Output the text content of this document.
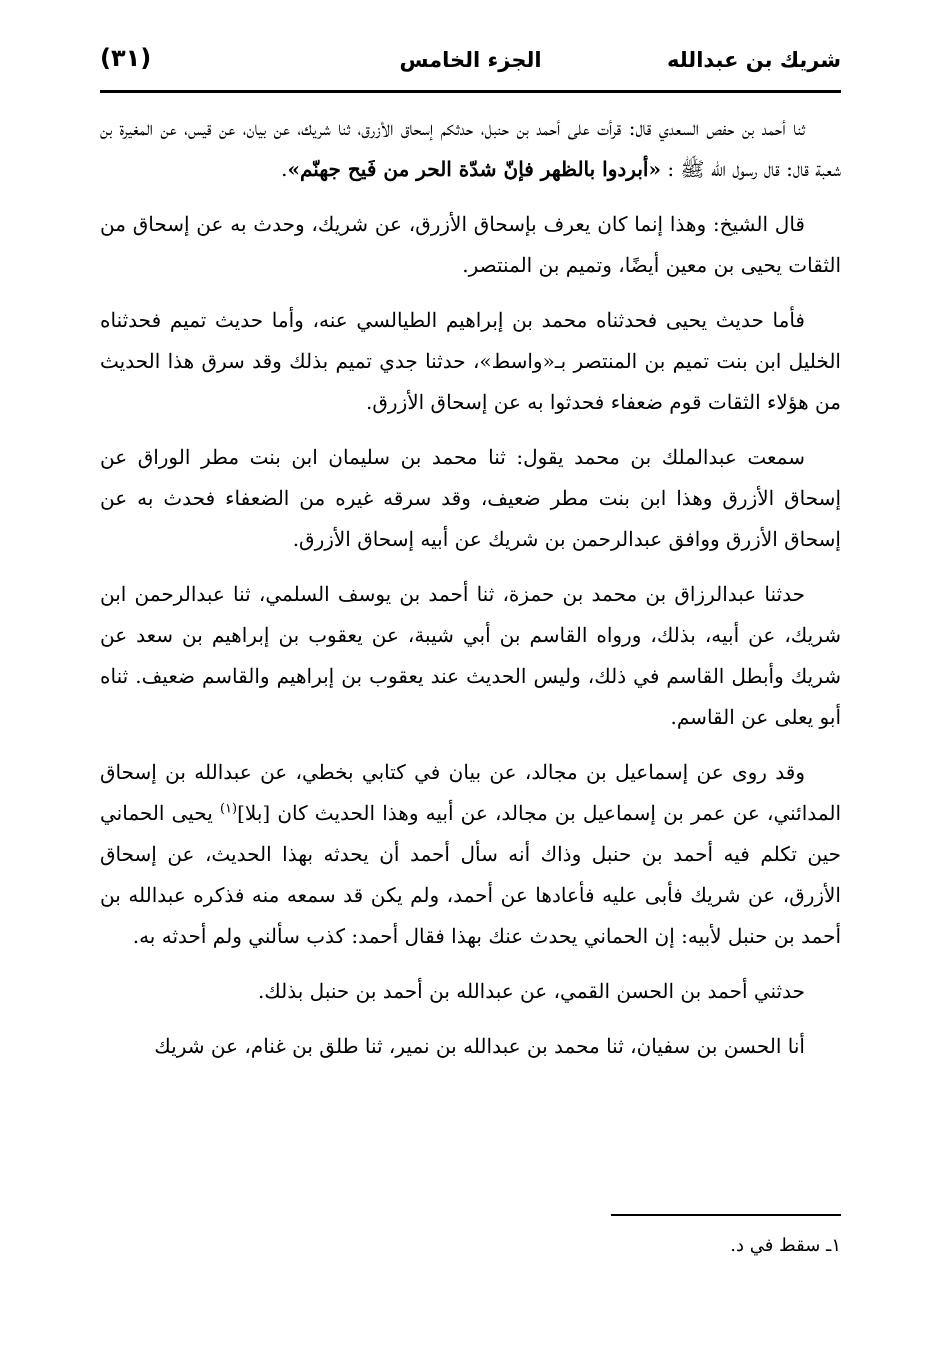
شريك بن عبدالله
الجزء الخامس
(٣١)

ثنا أحمد بن حفص السعدي قال: قرأت على أحمد بن حنبل، حدثكم إسحاق الأزرق، ثنا شريك، عن بيان، عن قيس، عن المغيرة بن شعبة قال: قال رسول الله ﷺ : «أبردوا بالظهر فإنّ شدّة الحر من فَيح جهنّم».

قال الشيخ: وهذا إنما كان يعرف بإسحاق الأزرق، عن شريك، وحدث به عن إسحاق من الثقات يحيى بن معين أيضًا، وتميم بن المنتصر.

فأما حديث يحيى فحدثناه محمد بن إبراهيم الطيالسي عنه، وأما حديث تميم فحدثناه الخليل ابن بنت تميم بن المنتصر بـ«واسط»، حدثنا جدي تميم بذلك وقد سرق هذا الحديث من هؤلاء الثقات قوم ضعفاء فحدثوا به عن إسحاق الأزرق.

سمعت عبدالملك بن محمد يقول: ثنا محمد بن سليمان ابن بنت مطر الوراق عن إسحاق الأزرق وهذا ابن بنت مطر ضعيف، وقد سرقه غيره من الضعفاء فحدث به عن إسحاق الأزرق ووافق عبدالرحمن بن شريك عن أبيه إسحاق الأزرق.

حدثنا عبدالرزاق بن محمد بن حمزة، ثنا أحمد بن يوسف السلمي، ثنا عبدالرحمن ابن شريك، عن أبيه، بذلك، ورواه القاسم بن أبي شيبة، عن يعقوب بن إبراهيم بن سعد عن شريك وأبطل القاسم في ذلك، وليس الحديث عند يعقوب بن إبراهيم والقاسم ضعيف. ثناه أبو يعلى عن القاسم.

وقد روى عن إسماعيل بن مجالد، عن بيان في كتابي بخطي، عن عبدالله بن إسحاق المدائني، عن عمر بن إسماعيل بن مجالد، عن أبيه وهذا الحديث كان [بلا]$^{(١)}$ يحيى الحماني حين تكلم فيه أحمد بن حنبل وذاك أنه سأل أحمد أن يحدثه بهذا الحديث، عن إسحاق الأزرق، عن شريك فأبى عليه فأعادها عن أحمد، ولم يكن قد سمعه منه فذكره عبدالله بن أحمد بن حنبل لأبيه: إن الحماني يحدث عنك بهذا فقال أحمد: كذب سألني ولم أحدثه به.

حدثني أحمد بن الحسن القمي، عن عبدالله بن أحمد بن حنبل بذلك.

أنا الحسن بن سفيان، ثنا محمد بن عبدالله بن نمير، ثنا طلق بن غنام، عن شريك

١ـ سقط في د.
